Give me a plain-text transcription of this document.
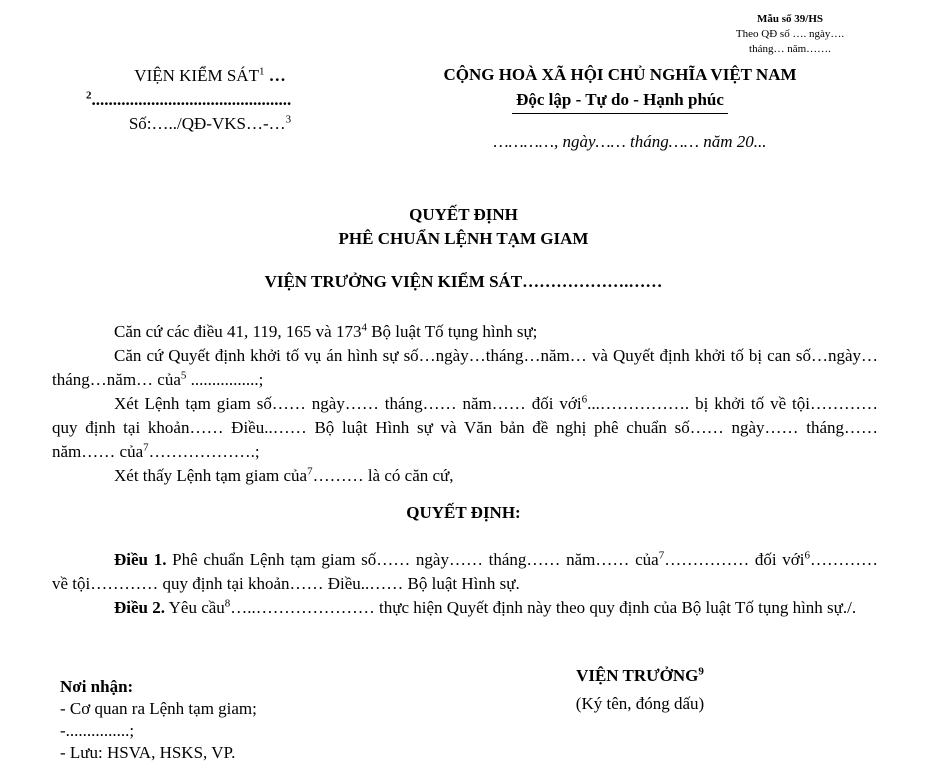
Mẫu số 39/HS
Theo QĐ số …. ngày….
tháng… năm…….
VIỆN KIỂM SÁT$^1$ …
$^2$...............................................
Số:…../QĐ-VKS…-…$^3$
CỘNG HOÀ XÃ HỘI CHỦ NGHĨA VIỆT NAM
Độc lập - Tự do - Hạnh phúc
…………, ngày…… tháng…… năm 20...
QUYẾT ĐỊNH
PHÊ CHUẨN LỆNH TẠM GIAM
VIỆN TRƯỞNG VIỆN KIỂM SÁT……………….……

Căn cứ các điều 41, 119, 165 và $173^4$ Bộ luật Tố tụng hình sự;

Căn cứ Quyết định khởi tố vụ án hình sự số…ngày…tháng…năm… và Quyết định khởi tố bị can số…ngày…tháng…năm… của$^5$ ................;

Xét Lệnh tạm giam số…… ngày…… tháng…… năm…… đối với$^6$...……………. bị khởi tố về tội………… quy định tại khoản…… Điều..…… Bộ luật Hình sự và Văn bản đề nghị phê chuẩn số…… ngày…… tháng…… năm…… của$^7$……………….;

Xét thấy Lệnh tạm giam của$^7$……… là có căn cứ,

QUYẾT ĐỊNH:

Điều 1. Phê chuẩn Lệnh tạm giam số…… ngày…… tháng…… năm…… của$^7$…………… đối với$^6$………… về tội………… quy định tại khoản…… Điều..…… Bộ luật Hình sự.

Điều 2. Yêu cầu$^8$…..………………… thực hiện Quyết định này theo quy định của Bộ luật Tố tụng hình sự./.

Nơi nhận:
- Cơ quan ra Lệnh tạm giam;
-...............;
- Lưu: HSVA, HSKS, VP.
VIỆN TRƯỞNG$^9$
(Ký tên, đóng dấu)
